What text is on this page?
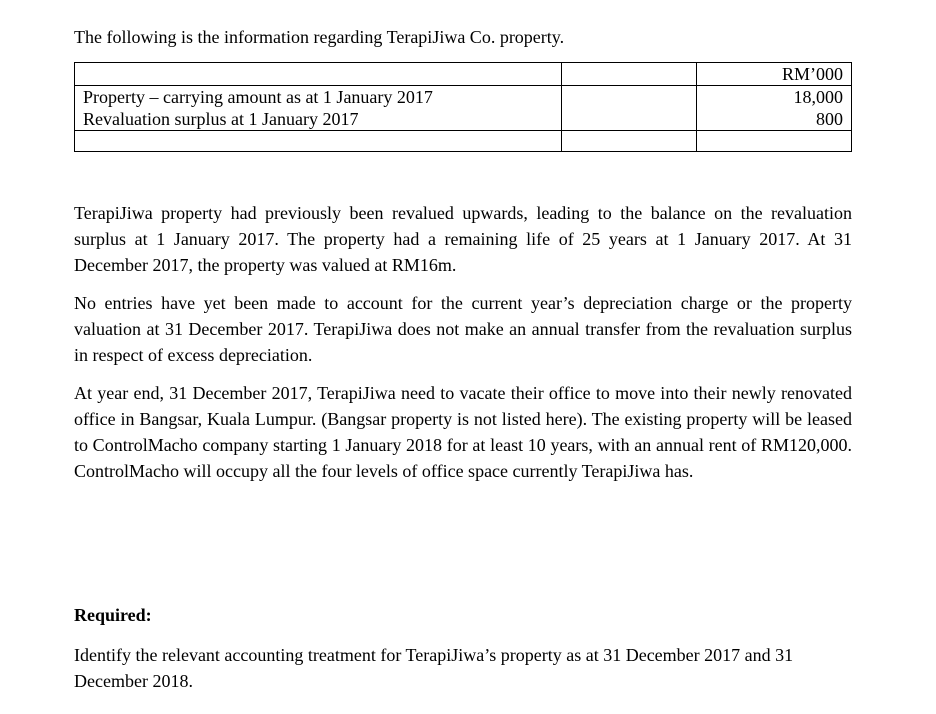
The following is the information regarding TerapiJiwa Co. property.
		RM’000
Property – carrying amount as at 1 January 2017		18,000
Revaluation surplus at 1 January 2017		800

TerapiJiwa property had previously been revalued upwards, leading to the balance on the revaluation surplus at 1 January 2017. The property had a remaining life of 25 years at 1 January 2017. At 31 December 2017, the property was valued at RM16m.
No entries have yet been made to account for the current year’s depreciation charge or the property valuation at 31 December 2017. TerapiJiwa does not make an annual transfer from the revaluation surplus in respect of excess depreciation.
At year end, 31 December 2017, TerapiJiwa need to vacate their office to move into their newly renovated office in Bangsar, Kuala Lumpur. (Bangsar property is not listed here). The existing property will be leased to ControlMacho company starting 1 January 2018 for at least 10 years, with an annual rent of RM120,000. ControlMacho will occupy all the four levels of office space currently TerapiJiwa has.
Required:
Identify the relevant accounting treatment for TerapiJiwa’s property as at 31 December 2017 and 31 December 2018.
